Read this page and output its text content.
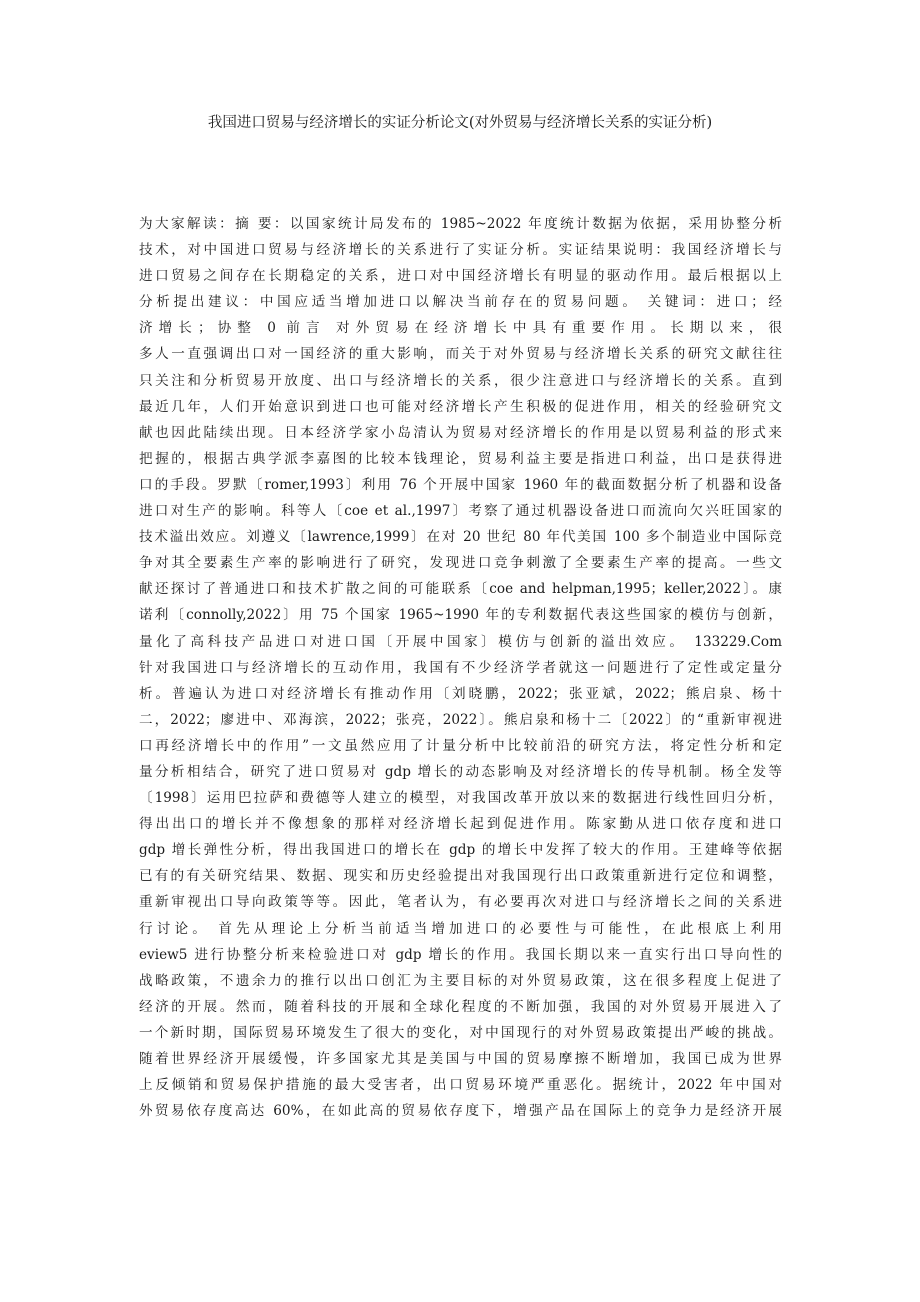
我国进口贸易与经济增长的实证分析论文(对外贸易与经济增长关系的实证分析)
为大家解读：摘 要：以国家统计局发布的 1985~2022 年度统计数据为依据，采用协整分析
技术，对中国进口贸易与经济增长的关系进行了实证分析。实证结果说明：我国经济增长与
进口贸易之间存在长期稳定的关系，进口对中国经济增长有明显的驱动作用。最后根据以上
分析提出建议：中国应适当增加进口以解决当前存在的贸易问题。 关键词：进口；经
济增长；协整 0 前言 对外贸易在经济增长中具有重要作用。长期以来，很
多人一直强调出口对一国经济的重大影响，而关于对外贸易与经济增长关系的研究文献往往
只关注和分析贸易开放度、出口与经济增长的关系，很少注意进口与经济增长的关系。直到
最近几年，人们开始意识到进口也可能对经济增长产生积极的促进作用，相关的经验研究文
献也因此陆续出现。日本经济学家小岛清认为贸易对经济增长的作用是以贸易利益的形式来
把握的，根据古典学派李嘉图的比较本钱理论，贸易利益主要是指进口利益，出口是获得进
口的手段。罗默〔romer,1993〕利用 76 个开展中国家 1960 年的截面数据分析了机器和设备
进口对生产的影响。科等人〔coe et al.,1997〕考察了通过机器设备进口而流向欠兴旺国家的
技术溢出效应。刘遵义〔lawrence,1999〕在对 20 世纪 80 年代美国 100 多个制造业中国际竞
争对其全要素生产率的影响进行了研究，发现进口竞争刺激了全要素生产率的提高。一些文
献还探讨了普通进口和技术扩散之间的可能联系〔coe and helpman,1995；keller,2022〕。康
诺利〔connolly,2022〕用 75 个国家 1965~1990 年的专利数据代表这些国家的模仿与创新，
量化了高科技产品进口对进口国〔开展中国家〕模仿与创新的溢出效应。 133229.Com
针对我国进口与经济增长的互动作用，我国有不少经济学者就这一问题进行了定性或定量分
析。普遍认为进口对经济增长有推动作用〔刘晓鹏，2022；张亚斌，2022；熊启泉、杨十
二，2022；廖进中、邓海滨，2022；张亮，2022〕。熊启泉和杨十二〔2022〕的“重新审视进
口再经济增长中的作用”一文虽然应用了计量分析中比较前沿的研究方法，将定性分析和定
量分析相结合，研究了进口贸易对 gdp 增长的动态影响及对经济增长的传导机制。杨全发等
〔1998〕运用巴拉萨和费德等人建立的模型，对我国改革开放以来的数据进行线性回归分析，
得出出口的增长并不像想象的那样对经济增长起到促进作用。陈家勤从进口依存度和进口
gdp 增长弹性分析，得出我国进口的增长在 gdp 的增长中发挥了较大的作用。王建峰等依据
已有的有关研究结果、数据、现实和历史经验提出对我国现行出口政策重新进行定位和调整，
重新审视出口导向政策等等。因此，笔者认为，有必要再次对进口与经济增长之间的关系进
行讨论。 首先从理论上分析当前适当增加进口的必要性与可能性，在此根底上利用
eview5 进行协整分析来检验进口对 gdp 增长的作用。我国长期以来一直实行出口导向性的
战略政策，不遗余力的推行以出口创汇为主要目标的对外贸易政策，这在很多程度上促进了
经济的开展。然而，随着科技的开展和全球化程度的不断加强，我国的对外贸易开展进入了
一个新时期，国际贸易环境发生了很大的变化，对中国现行的对外贸易政策提出严峻的挑战。
随着世界经济开展缓慢，许多国家尤其是美国与中国的贸易摩擦不断增加，我国已成为世界
上反倾销和贸易保护措施的最大受害者，出口贸易环境严重恶化。据统计，2022 年中国对
外贸易依存度高达 60%，在如此高的贸易依存度下，增强产品在国际上的竞争力是经济开展
